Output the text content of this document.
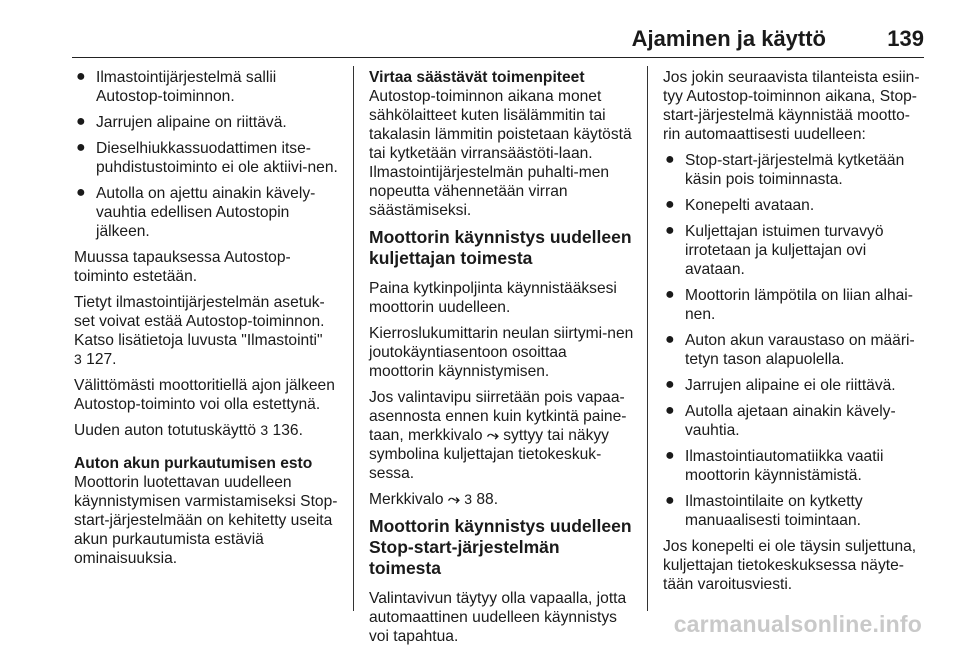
Ajaminen ja käyttö	139
● Ilmastointijärjestelmä sallii Autostop-toiminnon.
● Jarrujen alipaine on riittävä.
● Dieselhiukkassuodattimen itse-puhdistustoiminto ei ole aktiivi-nen.
● Autolla on ajettu ainakin kävely-vauhtia edellisen Autostopin jälkeen.

Muussa tapauksessa Autostop-toiminto estetään.

Tietyt ilmastointijärjestelmän asetuk-set voivat estää Autostop-toiminnon. Katso lisätietoja luvusta "Ilmastointi"
3 127.

Välittömästi moottoritiellä ajon jälkeen Autostop-toiminto voi olla estettynä.

Uuden auton totutuskäyttö 3 136.

Auton akun purkautumisen esto

Moottorin luotettavan uudelleen käynnistymisen varmistamiseksi Stop-start-järjestelmään on kehitetty useita akun purkautumista estäviä ominaisuuksia.

Virtaa säästävät toimenpiteet

Autostop-toiminnon aikana monet sähkölaitteet kuten lisälämmitin tai takalasin lämmitin poistetaan käytöstä tai kytketään virransäästöti-laan. Ilmastointijärjestelmän puhalti-men nopeutta vähennetään virran säästämiseksi.

Moottorin käynnistys uudelleen kuljettajan toimesta

Paina kytkinpoljinta käynnistääksesi moottorin uudelleen.

Kierroslukumittarin neulan siirtymi-nen joutokäyntiasentoon osoittaa moottorin käynnistymisen.

Jos valintavipu siirretään pois vapaa-asennosta ennen kuin kytkintä paine-taan, merkkivalo ⤳ syttyy tai näkyy symbolina kuljettajan tietokeskuk-sessa.

Merkkivalo ⤳ 3 88.

Moottorin käynnistys uudelleen Stop-start-järjestelmän toimesta

Valintavivun täytyy olla vapaalla, jotta automaattinen uudelleen käynnistys voi tapahtua.

Jos jokin seuraavista tilanteista esiin-tyy Autostop-toiminnon aikana, Stop-start-järjestelmä käynnistää mootto-rin automaattisesti uudelleen:

● Stop-start-järjestelmä kytketään käsin pois toiminnasta.
● Konepelti avataan.
● Kuljettajan istuimen turvavyö irrotetaan ja kuljettajan ovi avataan.
● Moottorin lämpötila on liian alhai-nen.
● Auton akun varaustaso on määri-tetyn tason alapuolella.
● Jarrujen alipaine ei ole riittävä.
● Autolla ajetaan ainakin kävely-vauhtia.
● Ilmastointiautomatiikka vaatii moottorin käynnistämistä.
● Ilmastointilaite on kytketty manuaalisesti toimintaan.

Jos konepelti ei ole täysin suljettuna, kuljettajan tietokeskuksessa näyte-tään varoitusviesti.

carmanualsonline.info
